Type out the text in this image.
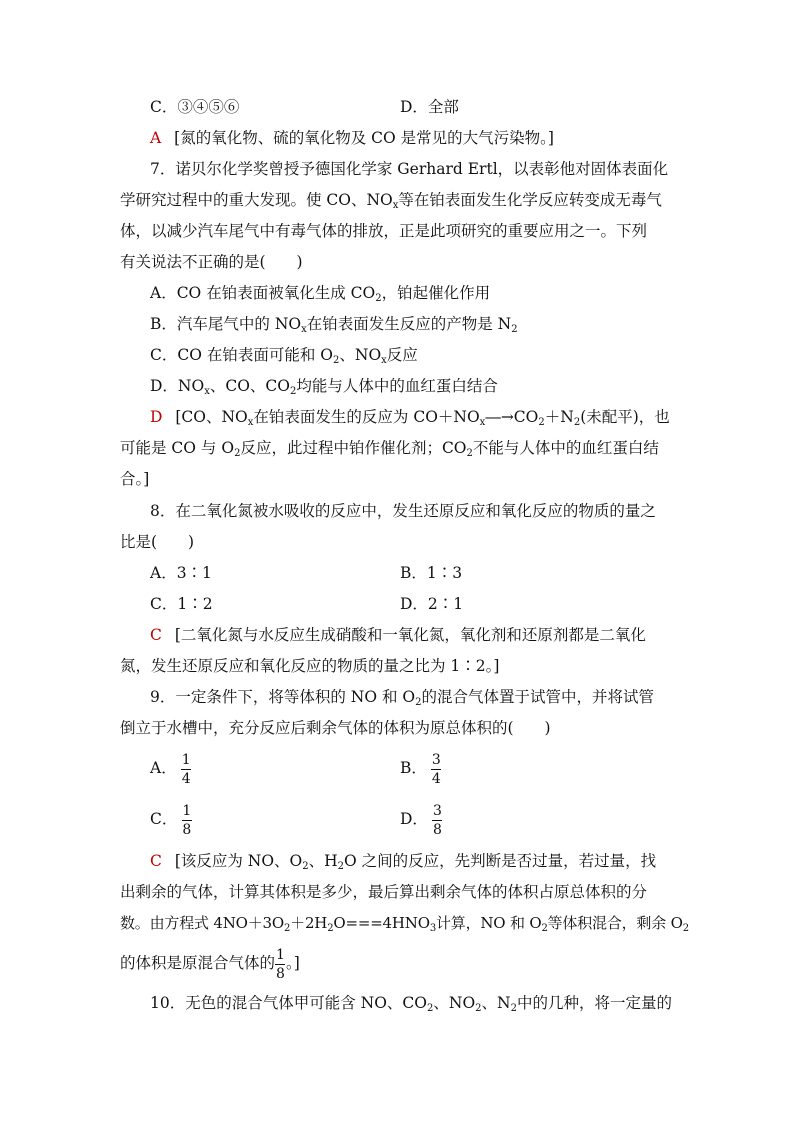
C．③④⑤⑥	D．全部
A [氮的氧化物、硫的氧化物及 CO 是常见的大气污染物。]
7．诺贝尔化学奖曾授予德国化学家 Gerhard Ertl，以表彰他对固体表面化
学研究过程中的重大发现。使 CO、$NO_x$等在铂表面发生化学反应转变成无毒气
体，以减少汽车尾气中有毒气体的排放，正是此项研究的重要应用之一。下列
有关说法不正确的是(　　)
A．CO 在铂表面被氧化生成 $CO_2$，铂起催化作用
B．汽车尾气中的 $NO_x$在铂表面发生反应的产物是 $N_2$
C．CO 在铂表面可能和 $O_2$、$NO_x$反应
D．$NO_x$、CO、$CO_2$均能与人体中的血红蛋白结合
D [CO、$NO_x$在铂表面发生的反应为 $CO+NO_x―\to CO_2+N_2$(未配平)，也
可能是 CO 与 $O_2$反应，此过程中铂作催化剂；$CO_2$不能与人体中的血红蛋白结
合。]
8．在二氧化氮被水吸收的反应中，发生还原反应和氧化反应的物质的量之
比是(　　)
A．3∶1	B．1∶3
C．1∶2	D．2∶1
C [二氧化氮与水反应生成硝酸和一氧化氮，氧化剂和还原剂都是二氧化
氮，发生还原反应和氧化反应的物质的量之比为 1∶2。]
9．一定条件下，将等体积的 NO 和 $O_2$的混合气体置于试管中，并将试管
倒立于水槽中，充分反应后剩余气体的体积为原总体积的(　　)
A． $\frac{1}{4}$	B． $\frac{3}{4}$
C． $\frac{1}{8}$	D． $\frac{3}{8}$
C [该反应为 NO、$O_2$、$H_2O$ 之间的反应，先判断是否过量，若过量，找
出剩余的气体，计算其体积是多少，最后算出剩余气体的体积占原总体积的分
数。由方程式 $4NO+3O_2+2H_2O===4HNO_3$计算，NO 和 $O_2$等体积混合，剩余 $O_2$
的体积是原混合气体的 $\frac{1}{8}$ 。]
10．无色的混合气体甲可能含 NO、$CO_2$、$NO_2$、$N_2$中的几种，将一定量的
